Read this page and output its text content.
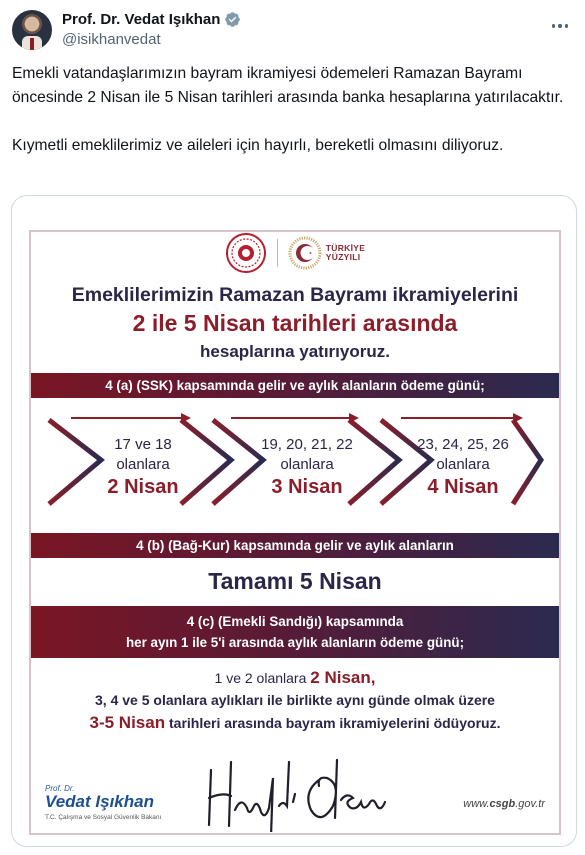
Prof. Dr. Vedat Işıkhan
@isikhanvedat

Emekli vatandaşlarımızın bayram ikramiyesi ödemeleri Ramazan Bayramı öncesinde 2 Nisan ile 5 Nisan tarihleri arasında banka hesaplarına yatırılacaktır.

Kıymetli emeklilerimiz ve aileleri için hayırlı, bereketli olmasını diliyoruz.

TÜRKİYE
YÜZYILI
Emeklilerimizin Ramazan Bayramı ikramiyelerini
2 ile 5 Nisan tarihleri arasında
hesaplarına yatırıyoruz.
4 (a) (SSK) kapsamında gelir ve aylık alanların ödeme günü;
17 ve 18
olanlara
2 Nisan
19, 20, 21, 22
olanlara
3 Nisan
23, 24, 25, 26
olanlara
4 Nisan
4 (b) (Bağ-Kur) kapsamında gelir ve aylık alanların
Tamamı 5 Nisan
4 (c) (Emekli Sandığı) kapsamında
her ayın 1 ile 5'i arasında aylık alanların ödeme günü;
1 ve 2 olanlara 2 Nisan,
3, 4 ve 5 olanlara aylıkları ile birlikte aynı günde olmak üzere
3-5 Nisan tarihleri arasında bayram ikramiyelerini ödüyoruz.
Prof. Dr.
Vedat Işıkhan
T.C. Çalışma ve Sosyal Güvenlik Bakanı
www.csgb.gov.tr
